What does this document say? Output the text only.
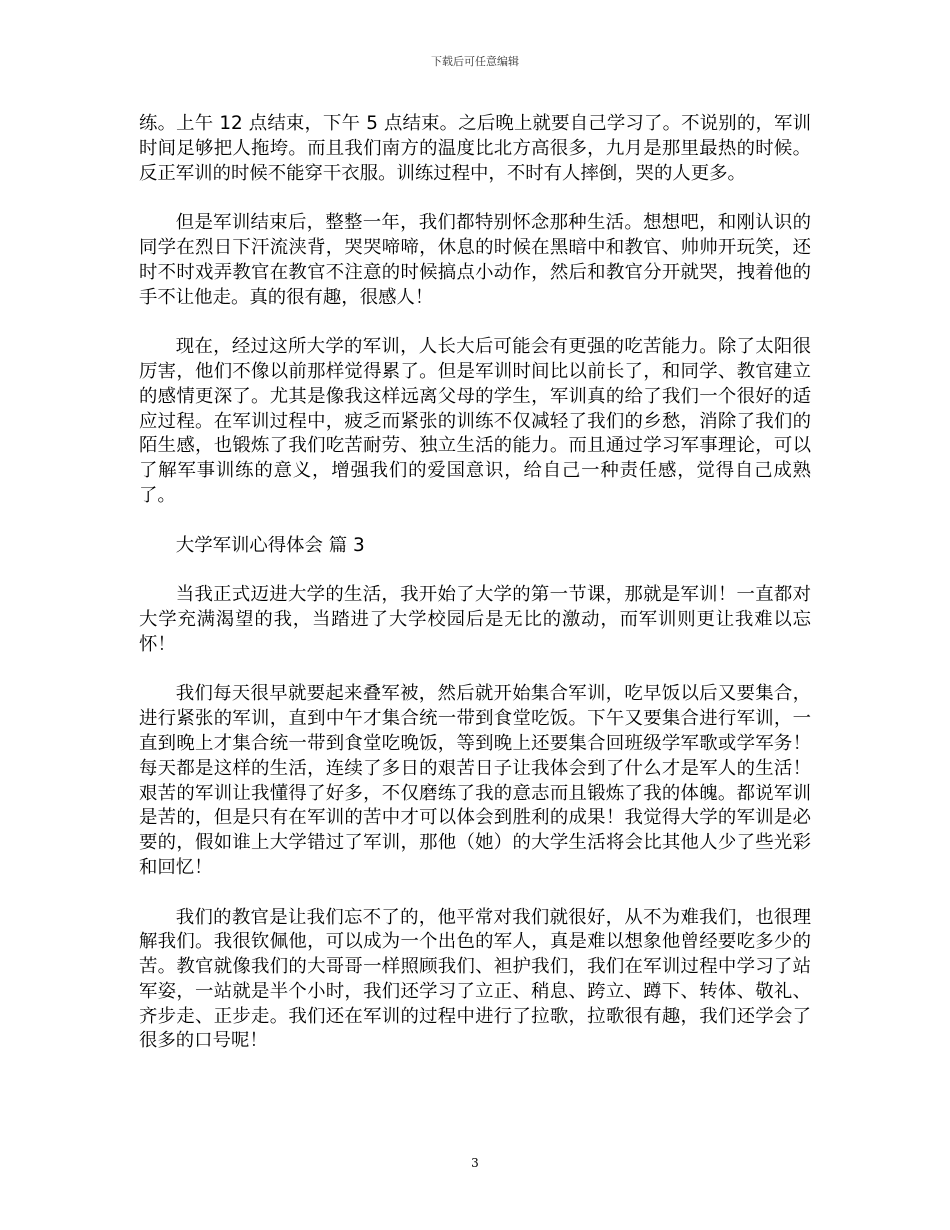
下载后可任意编辑

练。上午 12 点结束，下午 5 点结束。之后晚上就要自己学习了。不说别的，军训时间足够把人拖垮。而且我们南方的温度比北方高很多，九月是那里最热的时候。反正军训的时候不能穿干衣服。训练过程中，不时有人摔倒，哭的人更多。

但是军训结束后，整整一年，我们都特别怀念那种生活。想想吧，和刚认识的同学在烈日下汗流浃背，哭哭啼啼，休息的时候在黑暗中和教官、帅帅开玩笑，还时不时戏弄教官在教官不注意的时候搞点小动作，然后和教官分开就哭，拽着他的手不让他走。真的很有趣，很感人！

现在，经过这所大学的军训，人长大后可能会有更强的吃苦能力。除了太阳很厉害，他们不像以前那样觉得累了。但是军训时间比以前长了，和同学、教官建立的感情更深了。尤其是像我这样远离父母的学生，军训真的给了我们一个很好的适应过程。在军训过程中，疲乏而紧张的训练不仅减轻了我们的乡愁，消除了我们的陌生感，也锻炼了我们吃苦耐劳、独立生活的能力。而且通过学习军事理论，可以了解军事训练的意义，增强我们的爱国意识，给自己一种责任感，觉得自己成熟了。

大学军训心得体会 篇 3

当我正式迈进大学的生活，我开始了大学的第一节课，那就是军训！一直都对大学充满渴望的我，当踏进了大学校园后是无比的激动，而军训则更让我难以忘怀！

我们每天很早就要起来叠军被，然后就开始集合军训，吃早饭以后又要集合，进行紧张的军训，直到中午才集合统一带到食堂吃饭。下午又要集合进行军训，一直到晚上才集合统一带到食堂吃晚饭，等到晚上还要集合回班级学军歌或学军务！每天都是这样的生活，连续了多日的艰苦日子让我体会到了什么才是军人的生活！艰苦的军训让我懂得了好多，不仅磨练了我的意志而且锻炼了我的体魄。都说军训是苦的，但是只有在军训的苦中才可以体会到胜利的成果！我觉得大学的军训是必要的，假如谁上大学错过了军训，那他（她）的大学生活将会比其他人少了些光彩和回忆！

我们的教官是让我们忘不了的，他平常对我们就很好，从不为难我们，也很理解我们。我很钦佩他，可以成为一个出色的军人，真是难以想象他曾经要吃多少的苦。教官就像我们的大哥哥一样照顾我们、袒护我们，我们在军训过程中学习了站军姿，一站就是半个小时，我们还学习了立正、稍息、跨立、蹲下、转体、敬礼、齐步走、正步走。我们还在军训的过程中进行了拉歌，拉歌很有趣，我们还学会了很多的口号呢！

3
